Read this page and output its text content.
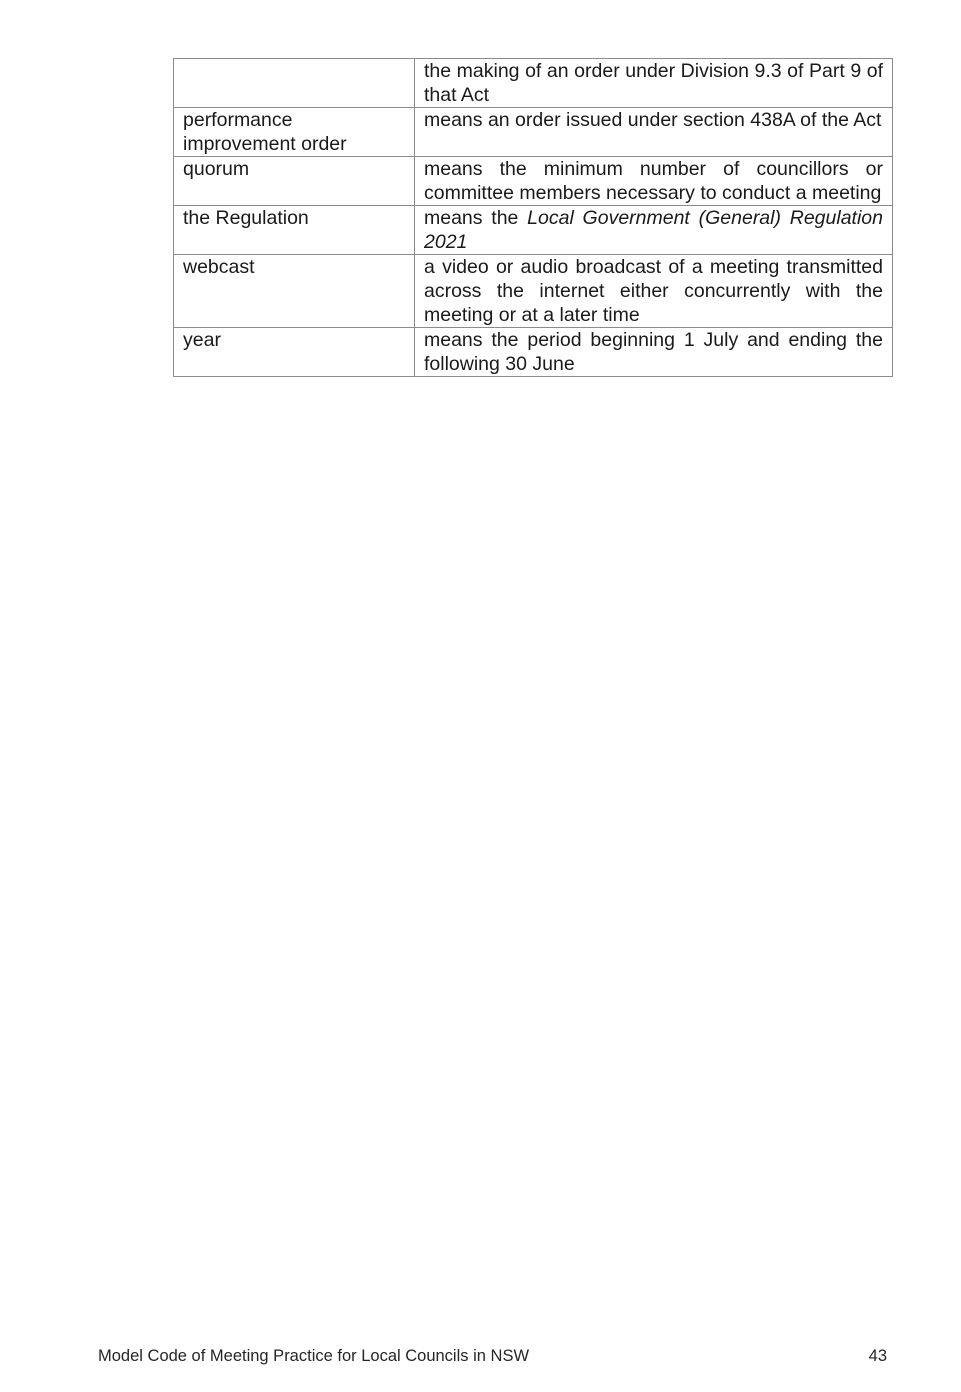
	the making of an order under Division 9.3 of Part 9 of that Act
performance improvement order	means an order issued under section 438A of the Act
quorum	means the minimum number of councillors or committee members necessary to conduct a meeting
the Regulation	means the Local Government (General) Regulation 2021
webcast	a video or audio broadcast of a meeting transmitted across the internet either concurrently with the meeting or at a later time
year	means the period beginning 1 July and ending the following 30 June
Model Code of Meeting Practice for Local Councils in NSW	43
